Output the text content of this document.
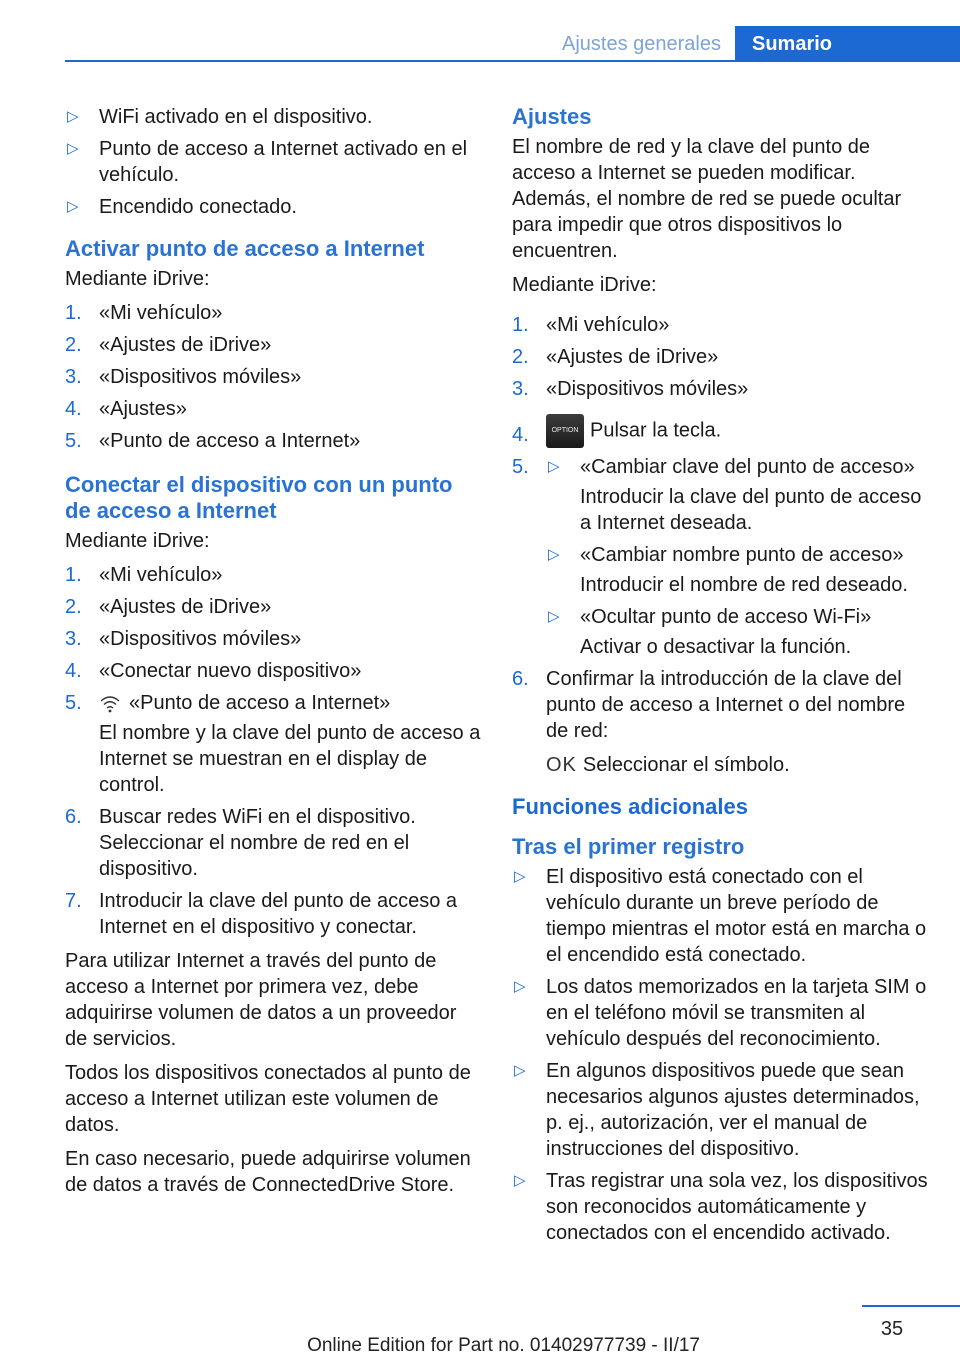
Ajustes generales	Sumario
▷ WiFi activado en el dispositivo.
▷ Punto de acceso a Internet activado en el vehículo.
▷ Encendido conectado.
Activar punto de acceso a Internet

Mediante iDrive:

1. «Mi vehículo»
2. «Ajustes de iDrive»
3. «Dispositivos móviles»
4. «Ajustes»
5. «Punto de acceso a Internet»
Conectar el dispositivo con un punto de acceso a Internet

Mediante iDrive:

1. «Mi vehículo»
2. «Ajustes de iDrive»
3. «Dispositivos móviles»
4. «Conectar nuevo dispositivo»
5. «Punto de acceso a Internet»
El nombre y la clave del punto de acceso a Internet se muestran en el display de control.
6. Buscar redes WiFi en el dispositivo. Seleccionar el nombre de red en el dispositivo.
7. Introducir la clave del punto de acceso a Internet en el dispositivo y conectar.

Para utilizar Internet a través del punto de acceso a Internet por primera vez, debe adquirirse volumen de datos a un proveedor de servicios.

Todos los dispositivos conectados al punto de acceso a Internet utilizan este volumen de datos.

En caso necesario, puede adquirirse volumen de datos a través de ConnectedDrive Store.

Ajustes

El nombre de red y la clave del punto de acceso a Internet se pueden modificar. Además, el nombre de red se puede ocultar para impedir que otros dispositivos lo encuentren.

Mediante iDrive:

1. «Mi vehículo»
2. «Ajustes de iDrive»
3. «Dispositivos móviles»
4.	OPTION Pulsar la tecla.
5. ▷ «Cambiar clave del punto de acceso»
Introducir la clave del punto de acceso a Internet deseada.
▷ «Cambiar nombre punto de acceso»
Introducir el nombre de red deseado.
▷ «Ocultar punto de acceso Wi‑Fi»
Activar o desactivar la función.
6. Confirmar la introducción de la clave del punto de acceso a Internet o del nombre de red:
OK Seleccionar el símbolo.
Funciones adicionales
Tras el primer registro
▷ El dispositivo está conectado con el vehículo durante un breve período de tiempo mientras el motor está en marcha o el encendido está conectado.
▷ Los datos memorizados en la tarjeta SIM o en el teléfono móvil se transmiten al vehículo después del reconocimiento.
▷ En algunos dispositivos puede que sean necesarios algunos ajustes determinados, p. ej., autorización, ver el manual de instrucciones del dispositivo.
▷ Tras registrar una sola vez, los dispositivos son reconocidos automáticamente y conectados con el encendido activado.
35
Online Edition for Part no. 01402977739 - II/17
